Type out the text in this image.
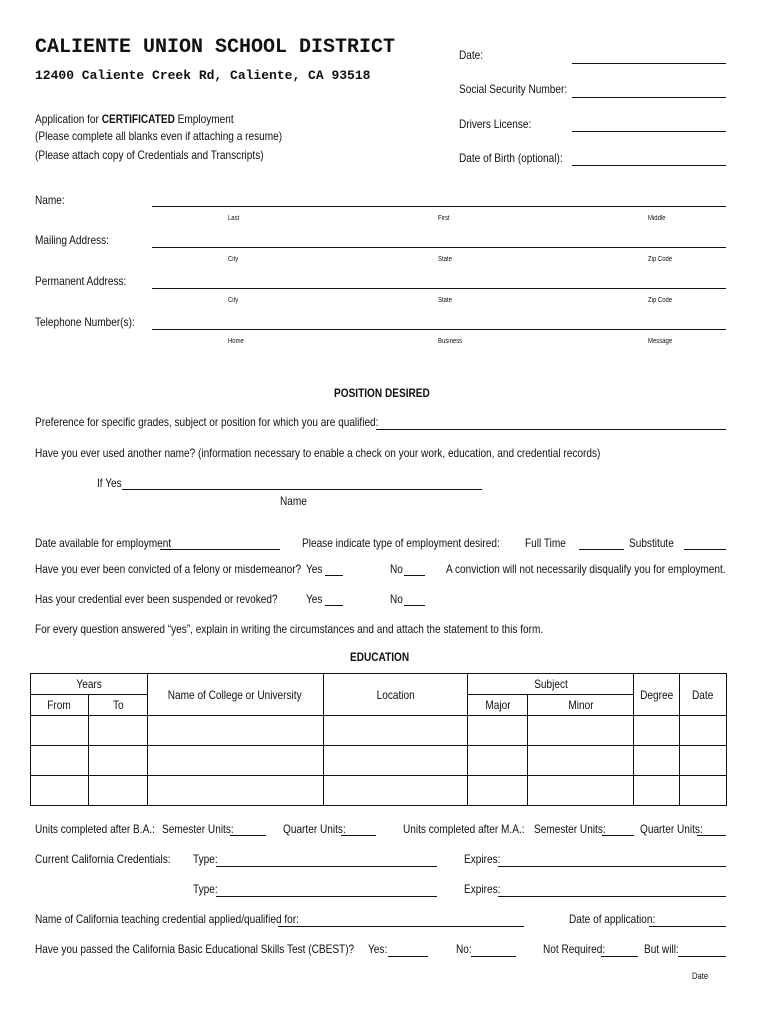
CALIENTE UNION SCHOOL DISTRICT
12400 Caliente Creek Rd, Caliente, CA 93518
Application for CERTIFICATED Employment
(Please complete all blanks even if attaching a resume)
(Please attach copy of Credentials and Transcripts)
Date:
Social Security Number:
Drivers License:
Date of Birth (optional):
Name:
Last	First	Middle
Mailing Address:
City	State	Zip Code
Permanent Address:
City	State	Zip Code
Telephone Number(s):
Home	Business	Message
POSITION DESIRED
Preference for specific grades, subject or position for which you are qualified:
Have you ever used another name? (information necessary to enable a check on your work, education, and credential records)
If Yes
Name
Date available for employment	Please indicate type of employment desired:	Full Time	Substitute
Have you ever been convicted of a felony or misdemeanor? Yes	No	A conviction will not necessarily disqualify you for employment.
Has your credential ever been suspended or revoked?	Yes	No
For every question answered “yes”, explain in writing the circumstances and and attach the statement to this form.
EDUCATION
Years		Name of College or University	Location	Subject		Degree	Date
From	To			Major	Minor		

Units completed after B.A.: Semester Units:	Quarter Units:	Units completed after M.A.: Semester Units:	Quarter Units:
Current California Credentials:	Type:	Expires:
Type:	Expires:
Name of California teaching credential applied/qualified for:	Date of application:
Have you passed the California Basic Educational Skills Test (CBEST)?	Yes:	No:	Not Required:	But will:
Date
